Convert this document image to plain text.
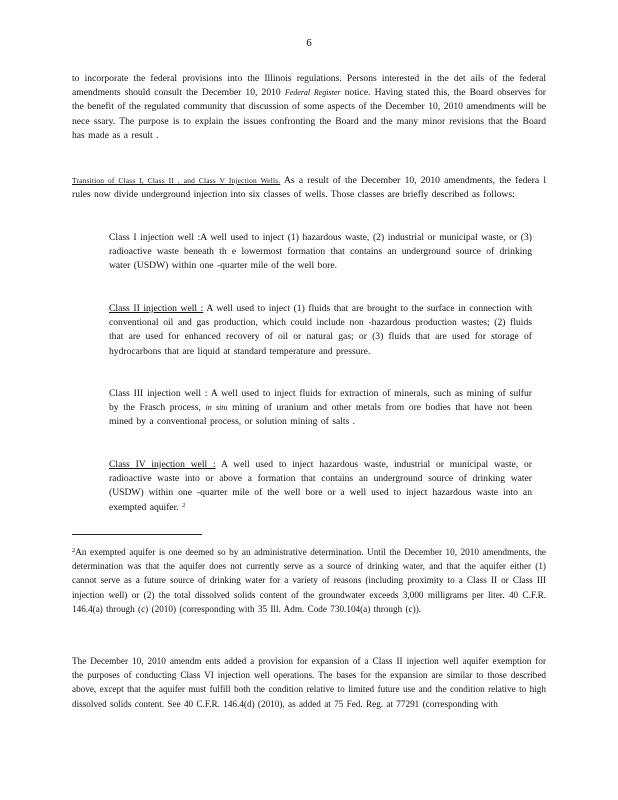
6
to incorporate the federal provisions into the Illinois regulations. Persons interested in the det ails of the federal amendments should consult the December 10, 2010 Federal Register notice. Having stated this, the Board observes for the benefit of the regulated community that discussion of some aspects of the December 10, 2010 amendments will be nece ssary. The purpose is to explain the issues confronting the Board and the many minor revisions that the Board has made as a result .
Transition of Class I, Class II , and Class V Injection Wells. As a result of the December 10, 2010 amendments, the federa l rules now divide underground injection into six classes of wells. Those classes are briefly described as follows:
Class I injection well :A well used to inject (1) hazardous waste, (2) industrial or municipal waste, or (3) radioactive waste beneath th e lowermost formation that contains an underground source of drinking water (USDW) within one -quarter mile of the well bore.
Class II injection well : A well used to inject (1) fluids that are brought to the surface in connection with conventional oil and gas production, which could include non -hazardous production wastes; (2) fluids that are used for enhanced recovery of oil or natural gas; or (3) fluids that are used for storage of hydrocarbons that are liquid at standard temperature and pressure.
Class III injection well : A well used to inject fluids for extraction of minerals, such as mining of sulfur by the Frasch process, in situ mining of uranium and other metals from ore bodies that have not been mined by a conventional process, or solution mining of salts .
Class IV injection well : A well used to inject hazardous waste, industrial or municipal waste, or radioactive waste into or above a formation that contains an underground source of drinking water (USDW) within one -quarter mile of the well bore or a well used to inject hazardous waste into an exempted aquifer. $^2$
$^2$An exempted aquifer is one deemed so by an administrative determination. Until the December 10, 2010 amendments, the determination was that the aquifer does not currently serve as a source of drinking water, and that the aquifer either (1) cannot serve as a future source of drinking water for a variety of reasons (including proximity to a Class II or Class III injection well) or (2) the total dissolved solids content of the groundwater exceeds 3,000 milligrams per liter. 40 C.F.R. 146.4(a) through (c) (2010) (corresponding with 35 Ill. Adm. Code 730.104(a) through (c)).
The December 10, 2010 amendm ents added a provision for expansion of a Class II injection well aquifer exemption for the purposes of conducting Class VI injection well operations. The bases for the expansion are similar to those described above, except that the aquifer must fulfill both the condition relative to limited future use and the condition relative to high dissolved solids content. See 40 C.F.R. 146.4(d) (2010), as added at 75 Fed. Reg. at 77291 (corresponding with
